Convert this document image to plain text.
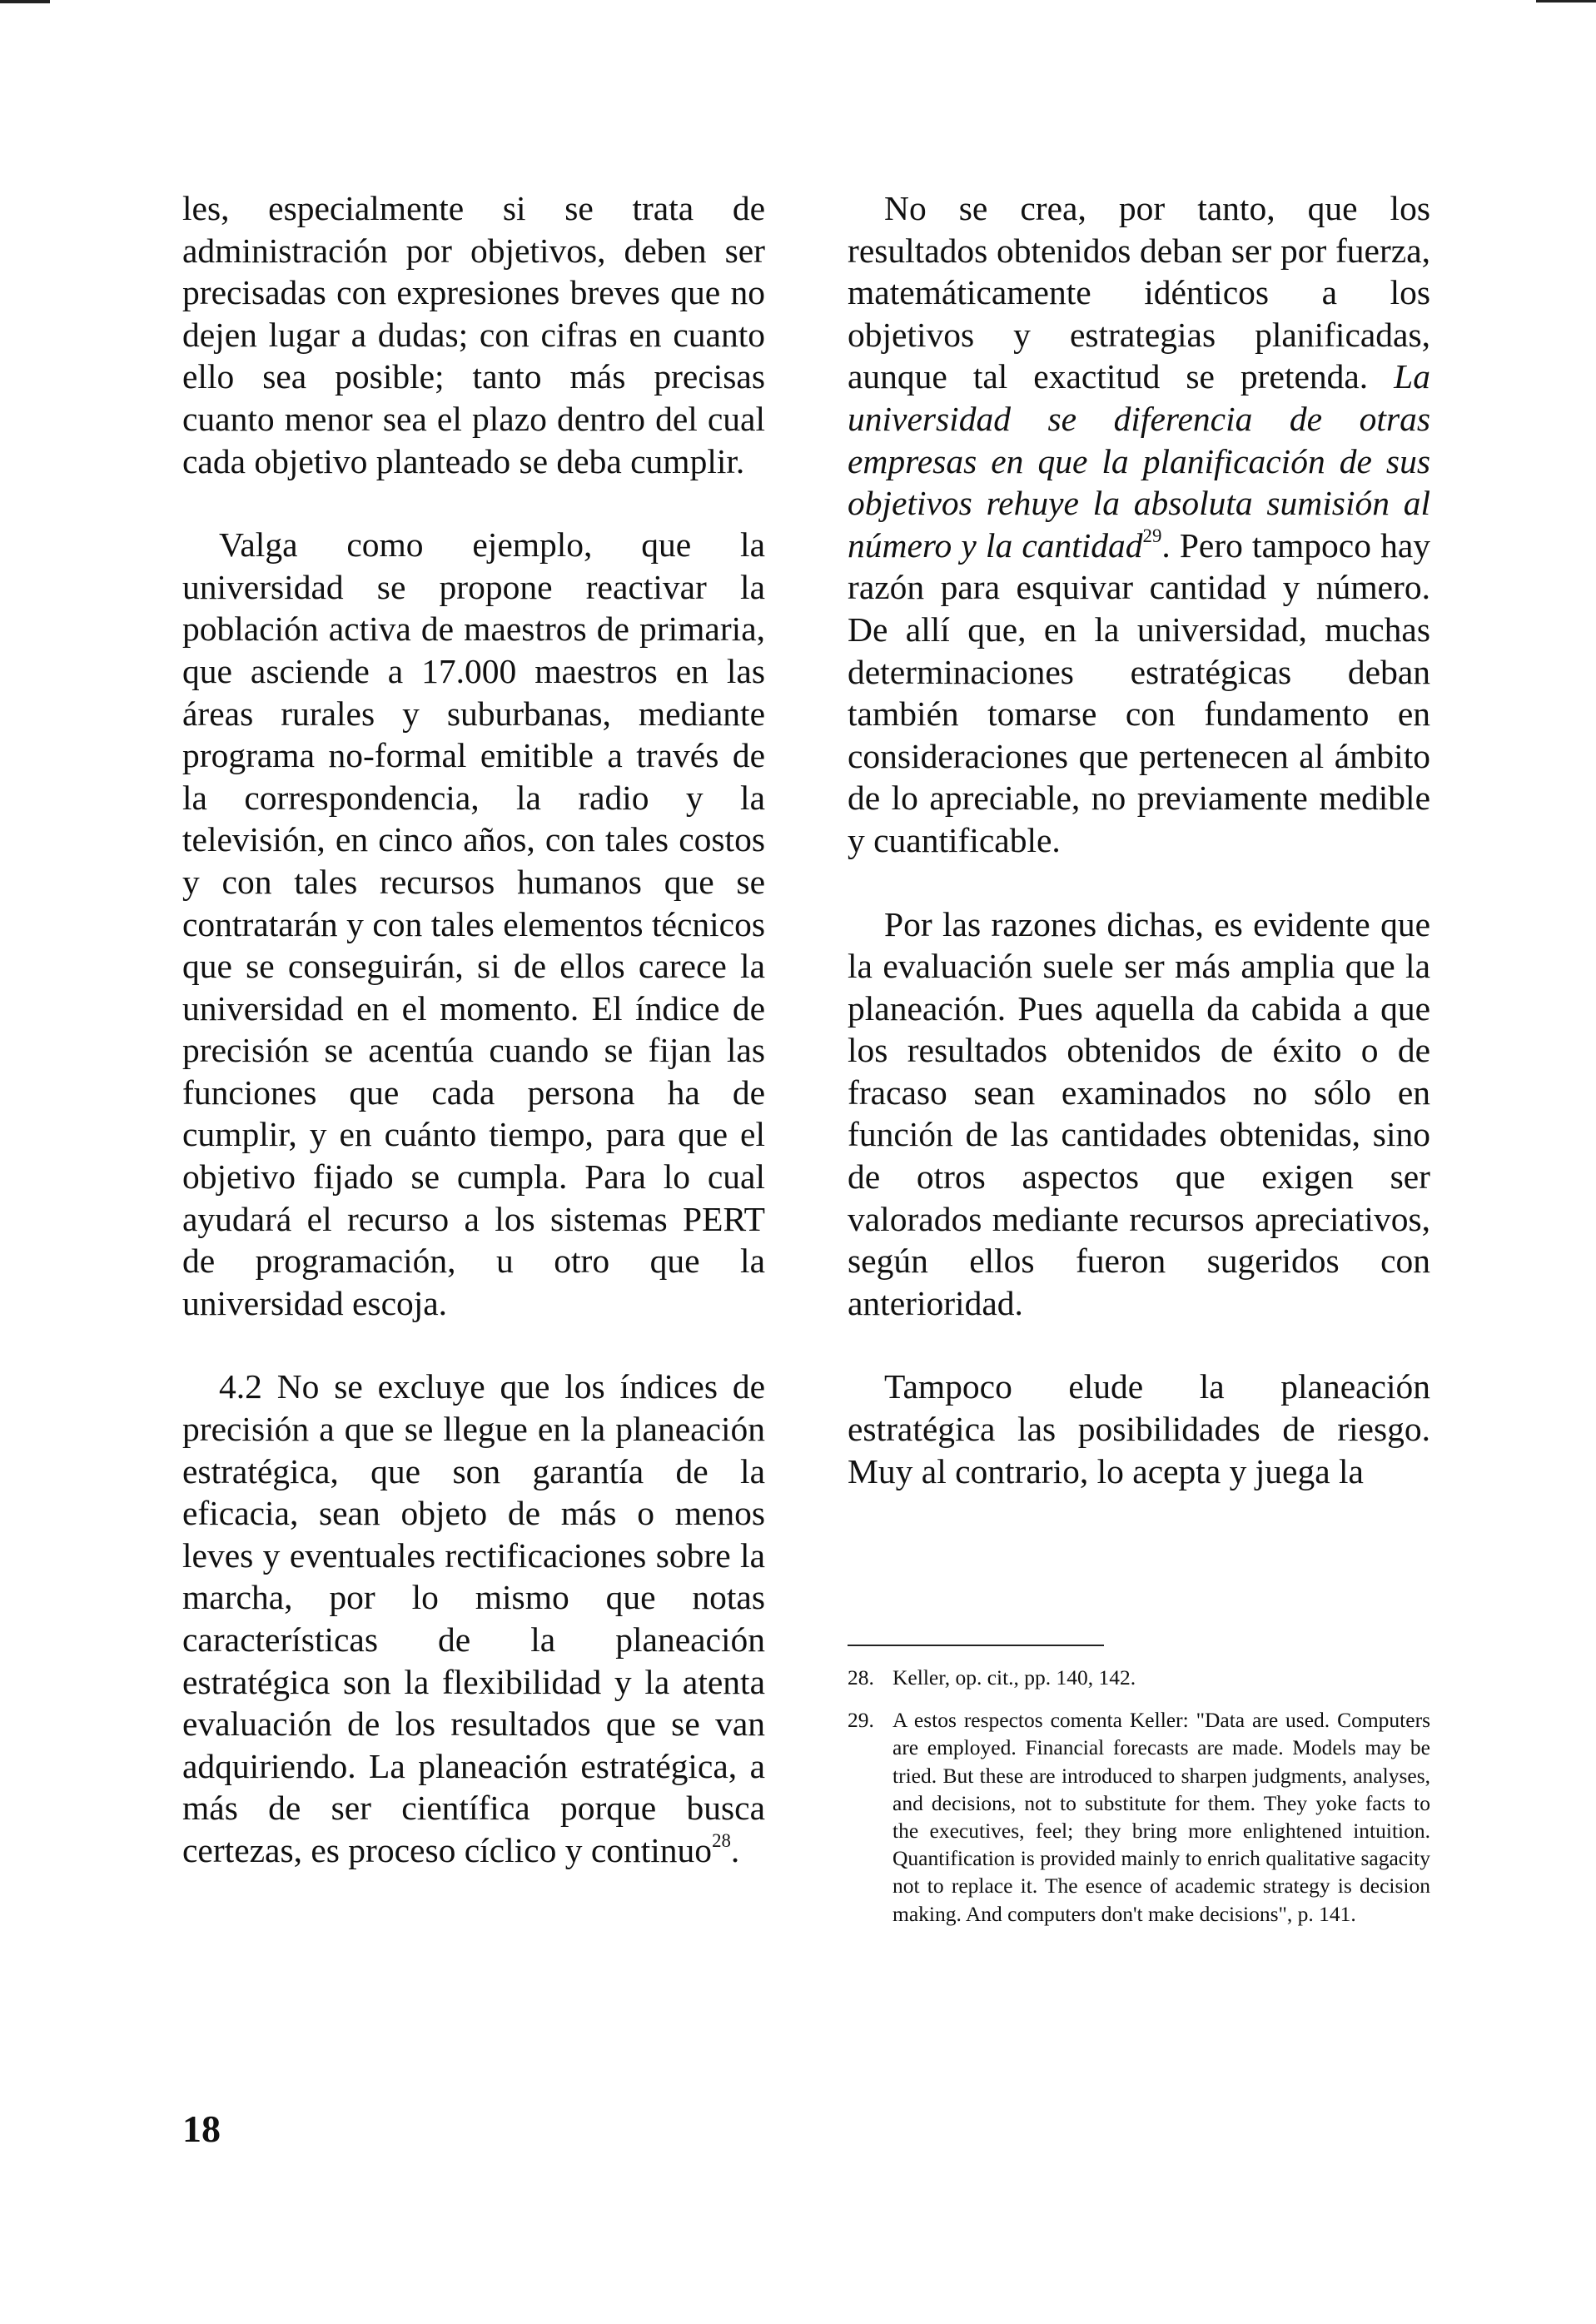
les, especialmente si se trata de administración por objetivos, deben ser precisadas con expresiones breves que no dejen lugar a dudas; con cifras en cuanto ello sea posible; tanto más precisas cuanto menor sea el plazo dentro del cual cada objetivo planteado se deba cumplir.

Valga como ejemplo, que la universidad se propone reactivar la población activa de maestros de primaria, que asciende a 17.000 maestros en las áreas rurales y suburbanas, mediante programa no-formal emitible a través de la correspondencia, la radio y la televisión, en cinco años, con tales costos y con tales recursos humanos que se contratarán y con tales elementos técnicos que se conseguirán, si de ellos carece la universidad en el momento. El índice de precisión se acentúa cuando se fijan las funciones que cada persona ha de cumplir, y en cuánto tiempo, para que el objetivo fijado se cumpla. Para lo cual ayudará el recurso a los sistemas PERT de programación, u otro que la universidad escoja.

4.2 No se excluye que los índices de precisión a que se llegue en la planeación estratégica, que son garantía de la eficacia, sean objeto de más o menos leves y eventuales rectificaciones sobre la marcha, por lo mismo que notas características de la planeación estratégica son la flexibilidad y la atenta evaluación de los resultados que se van adquiriendo. La planeación estratégica, a más de ser científica porque busca certezas, es proceso cíclico y continuo$^{28}$.

No se crea, por tanto, que los resultados obtenidos deban ser por fuerza, matemáticamente idénticos a los objetivos y estrategias planificadas, aunque tal exactitud se pretenda. La universidad se diferencia de otras empresas en que la planificación de sus objetivos rehuye la absoluta sumisión al número y la cantidad$^{29}$. Pero tampoco hay razón para esquivar cantidad y número. De allí que, en la universidad, muchas determinaciones estratégicas deban también tomarse con fundamento en consideraciones que pertenecen al ámbito de lo apreciable, no previamente medible y cuantificable.

Por las razones dichas, es evidente que la evaluación suele ser más amplia que la planeación. Pues aquella da cabida a que los resultados obtenidos de éxito o de fracaso sean examinados no sólo en función de las cantidades obtenidas, sino de otros aspectos que exigen ser valorados mediante recursos apreciativos, según ellos fueron sugeridos con anterioridad.

Tampoco elude la planeación estratégica las posibilidades de riesgo. Muy al contrario, lo acepta y juega la

28. Keller, op. cit., pp. 140, 142.
29. A estos respectos comenta Keller: "Data are used. Computers are employed. Financial forecasts are made. Models may be tried. But these are introduced to sharpen judgments, analyses, and decisions, not to substitute for them. They yoke facts to the executives, feel; they bring more enlightened intuition. Quantification is provided mainly to enrich qualitative sagacity not to replace it. The esence of academic strategy is decision making. And computers don't make decisions", p. 141.
18
